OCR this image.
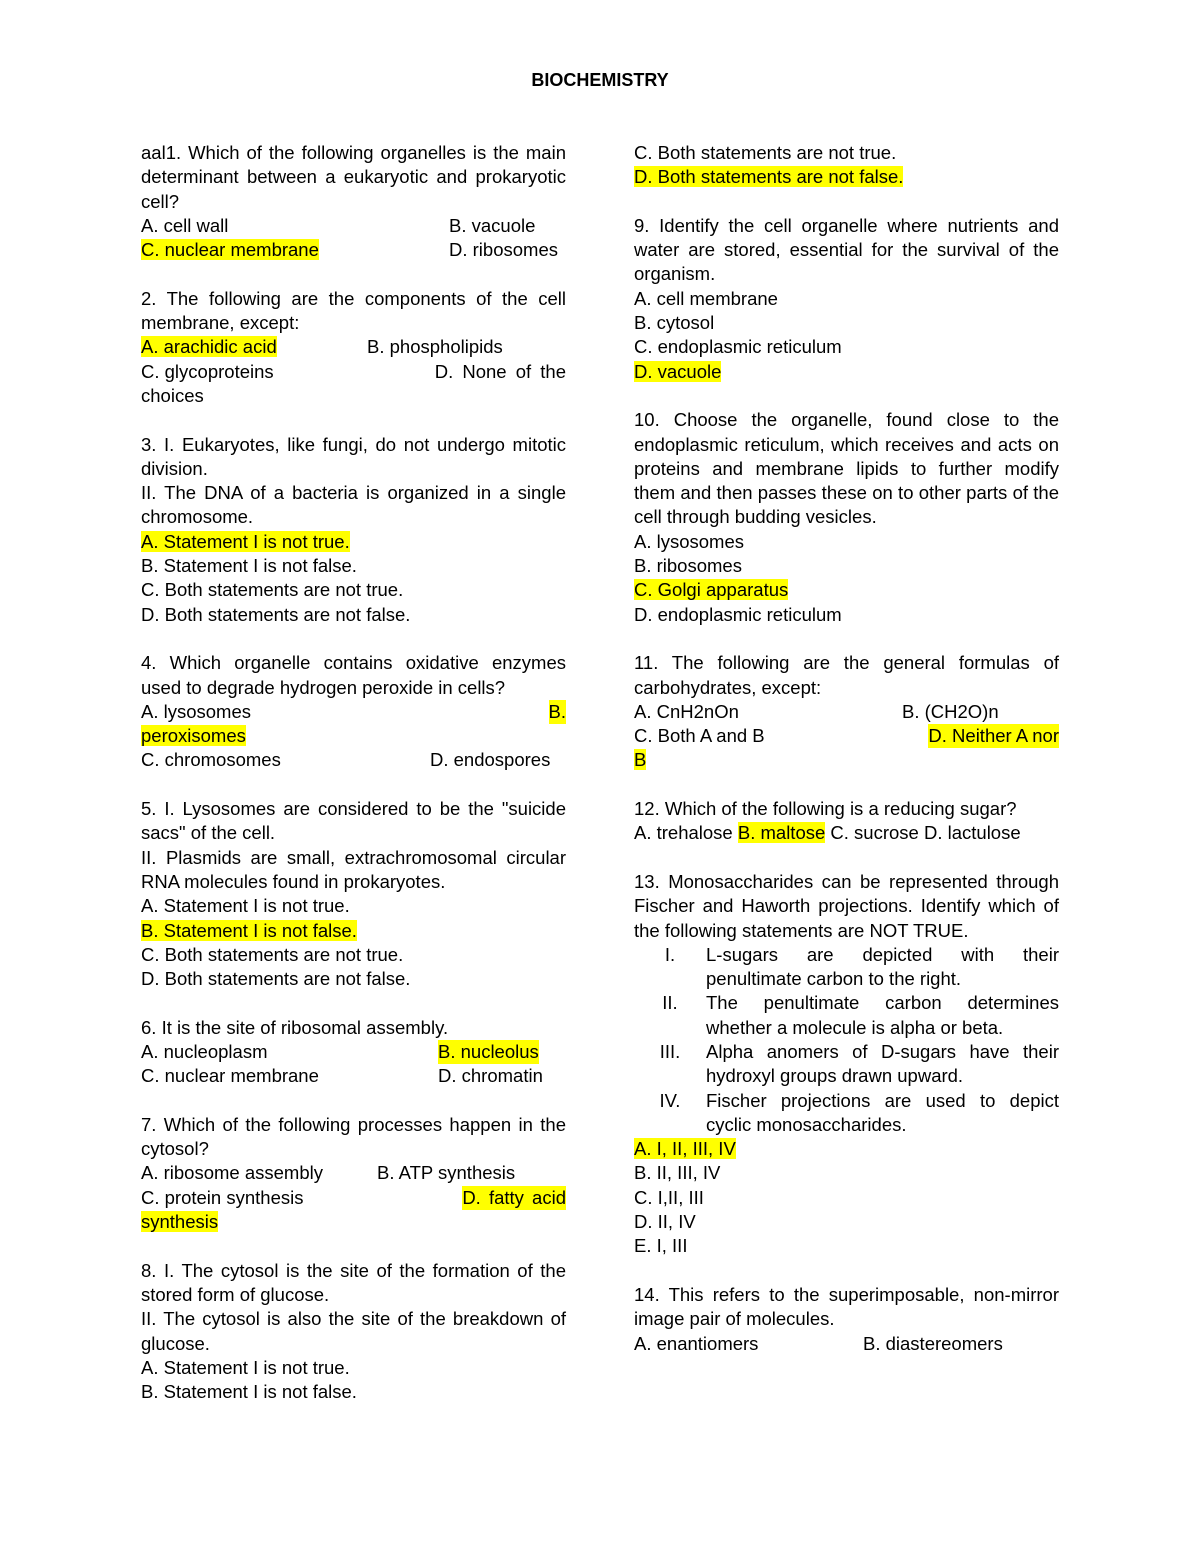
BIOCHEMISTRY

aal1. Which of the following organelles is the main determinant between a eukaryotic and prokaryotic cell?

A. cell wall	B. vacuole
C. nuclear membrane	D. ribosomes

2. The following are the components of the cell membrane, except:

A. arachidic acid	B. phospholipids
C. glycoproteins	D. None of the

choices

3. I. Eukaryotes, like fungi, do not undergo mitotic division.

II. The DNA of a bacteria is organized in a single chromosome.

A. Statement I is not true.

B. Statement I is not false.

C. Both statements are not true.

D. Both statements are not false.

4. Which organelle contains oxidative enzymes used to degrade hydrogen peroxide in cells?

A. lysosomes	B.

peroxisomes

C. chromosomes	D. endospores

5. I. Lysosomes are considered to be the "suicide sacs" of the cell.

II. Plasmids are small, extrachromosomal circular RNA molecules found in prokaryotes.

A. Statement I is not true.

B. Statement I is not false.

C. Both statements are not true.

D. Both statements are not false.

6. It is the site of ribosomal assembly.

A. nucleoplasm	B. nucleolus
C. nuclear membrane	D. chromatin

7. Which of the following processes happen in the cytosol?

A. ribosome assembly	B. ATP synthesis
C. protein synthesis	D. fatty acid

synthesis

8. I. The cytosol is the site of the formation of the stored form of glucose.

II. The cytosol is also the site of the breakdown of glucose.

A. Statement I is not true.

B. Statement I is not false.

C. Both statements are not true.

D. Both statements are not false.

9. Identify the cell organelle where nutrients and water are stored, essential for the survival of the organism.

A. cell membrane

B. cytosol

C. endoplasmic reticulum

D. vacuole

10. Choose the organelle, found close to the endoplasmic reticulum, which receives and acts on proteins and membrane lipids to further modify them and then passes these on to other parts of the cell through budding vesicles.

A. lysosomes

B. ribosomes

C. Golgi apparatus

D. endoplasmic reticulum

11. The following are the general formulas of carbohydrates, except:

A. CnH2nOn	B. (CH2O)n
C. Both A and B	D. Neither A nor

B

12. Which of the following is a reducing sugar?

A. trehalose B. maltose C. sucrose D. lactulose

13. Monosaccharides can be represented through Fischer and Haworth projections. Identify which of the following statements are NOT TRUE.

I.	L-sugars are depicted with their penultimate carbon to the right.
II.	The penultimate carbon determines whether a molecule is alpha or beta.
III.	Alpha anomers of D-sugars have their hydroxyl groups drawn upward.
IV.	Fischer projections are used to depict cyclic monosaccharides.

A. I, II, III, IV

B. II, III, IV

C. I,II, III

D. II, IV

E. I, III

14. This refers to the superimposable, non-mirror image pair of molecules.

A. enantiomers	B. diastereomers
